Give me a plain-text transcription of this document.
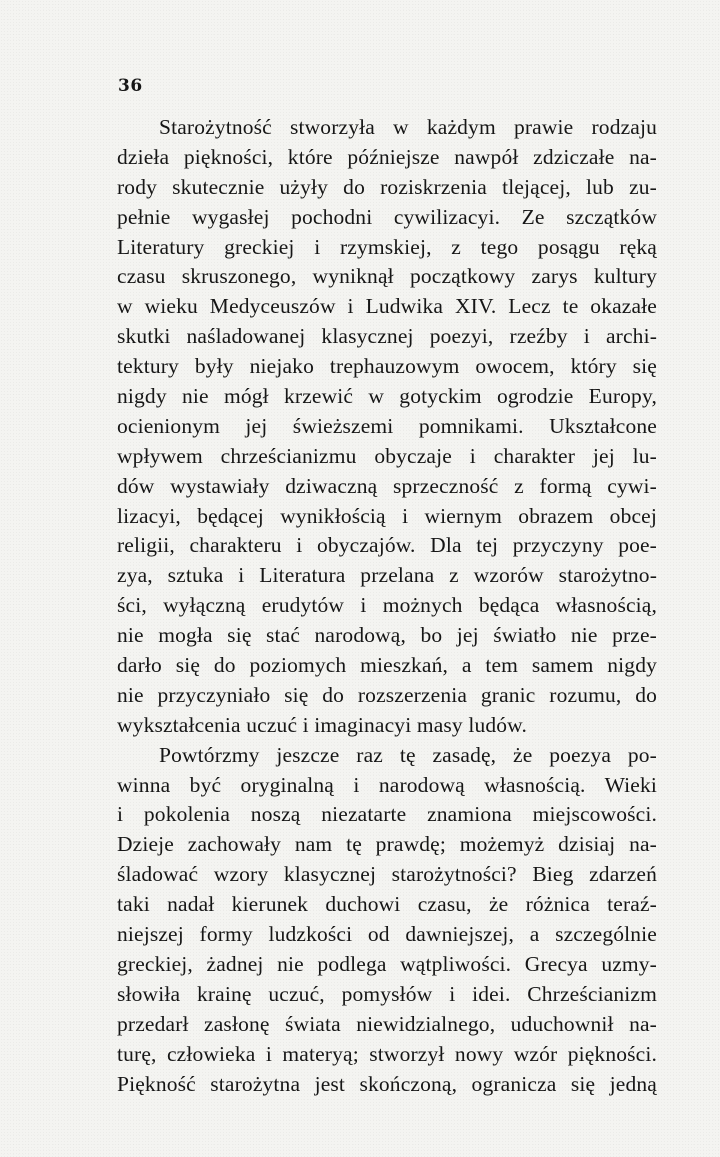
36
Starożytność stworzyła w każdym prawie rodzaju
dzieła piękności, które późniejsze nawpół zdziczałe na-
rody skutecznie użyły do roziskrzenia tlejącej, lub zu-
pełnie wygasłej pochodni cywilizacyi. Ze szczątków
Literatury greckiej i rzymskiej, z tego posągu ręką
czasu skruszonego, wyniknął początkowy zarys kultury
w wieku Medyceuszów i Ludwika XIV. Lecz te okazałe
skutki naśladowanej klasycznej poezyi, rzeźby i archi-
tektury były niejako trephauzowym owocem, który się
nigdy nie mógł krzewić w gotyckim ogrodzie Europy,
ocienionym jej świeższemi pomnikami. Ukształcone
wpływem chrześcianizmu obyczaje i charakter jej lu-
dów wystawiały dziwaczną sprzeczność z formą cywi-
lizacyi, będącej wynikłością i wiernym obrazem obcej
religii, charakteru i obyczajów. Dla tej przyczyny poe-
zya, sztuka i Literatura przelana z wzorów starożytno-
ści, wyłączną erudytów i możnych będąca własnością,
nie mogła się stać narodową, bo jej światło nie prze-
darło się do poziomych mieszkań, a tem samem nigdy
nie przyczyniało się do rozszerzenia granic rozumu, do
wykształcenia uczuć i imaginacyi masy ludów.
Powtórzmy jeszcze raz tę zasadę, że poezya po-
winna być oryginalną i narodową własnością. Wieki
i pokolenia noszą niezatarte znamiona miejscowości.
Dzieje zachowały nam tę prawdę; możemyż dzisiaj na-
śladować wzory klasycznej starożytności? Bieg zdarzeń
taki nadał kierunek duchowi czasu, że różnica teraź-
niejszej formy ludzkości od dawniejszej, a szczególnie
greckiej, żadnej nie podlega wątpliwości. Grecya uzmy-
słowiła krainę uczuć, pomysłów i idei. Chrześcianizm
przedarł zasłonę świata niewidzialnego, uduchownił na-
turę, człowieka i materyą; stworzył nowy wzór piękności.
Piękność starożytna jest skończoną, ogranicza się jedną
